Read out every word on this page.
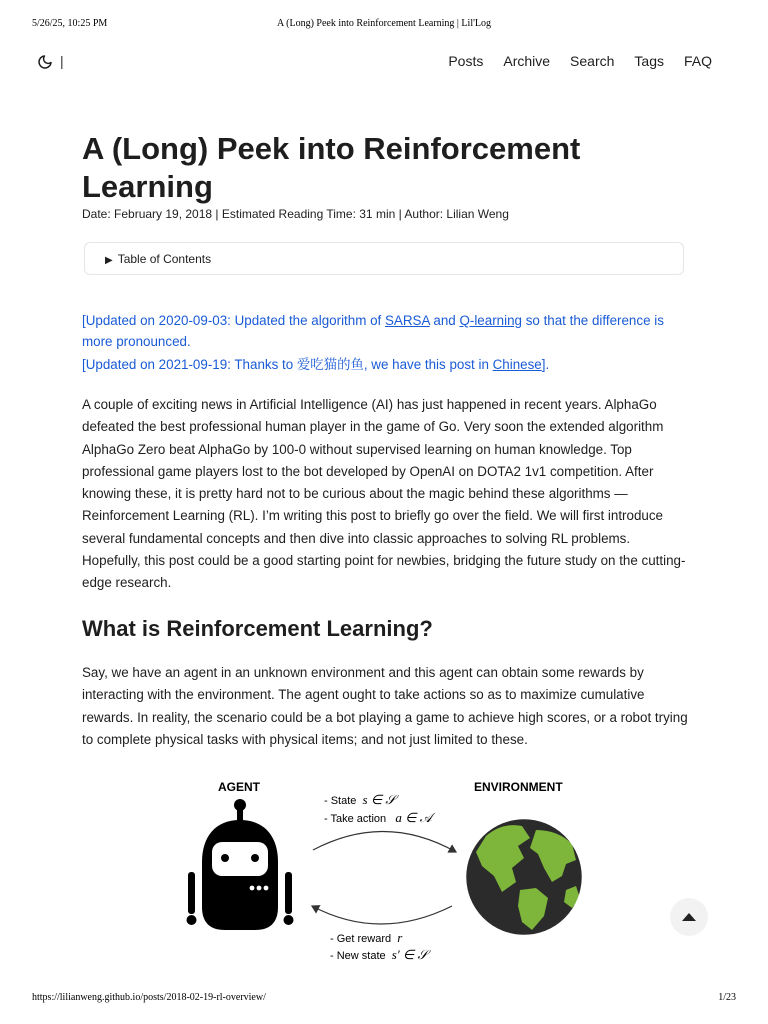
5/26/25, 10:25 PM	A (Long) Peek into Reinforcement Learning | Lil'Log
|	Posts Archive Search Tags FAQ
A (Long) Peek into Reinforcement Learning
Date: February 19, 2018 | Estimated Reading Time: 31 min | Author: Lilian Weng
▶ Table of Contents
[Updated on 2020-09-03: Updated the algorithm of SARSA and Q-learning so that the difference is more pronounced.
[Updated on 2021-09-19: Thanks to 爱吃猫的鱼, we have this post in Chinese].

A couple of exciting news in Artificial Intelligence (AI) has just happened in recent years. AlphaGo defeated the best professional human player in the game of Go. Very soon the extended algorithm AlphaGo Zero beat AlphaGo by 100-0 without supervised learning on human knowledge. Top professional game players lost to the bot developed by OpenAI on DOTA2 1v1 competition. After knowing these, it is pretty hard not to be curious about the magic behind these algorithms — Reinforcement Learning (RL). I’m writing this post to briefly go over the field. We will first introduce several fundamental concepts and then dive into classic approaches to solving RL problems. Hopefully, this post could be a good starting point for newbies, bridging the future study on the cutting-edge research.

What is Reinforcement Learning?

Say, we have an agent in an unknown environment and this agent can obtain some rewards by interacting with the environment. The agent ought to take actions so as to maximize cumulative rewards. In reality, the scenario could be a bot playing a game to achieve high scores, or a robot trying to complete physical tasks with physical items; and not just limited to these.

AGENT	ENVIRONMENT
- State s ∈ 𝒮
- Take action a ∈ 𝒜
- Get reward r
- New state s′ ∈ 𝒮
https://lilianweng.github.io/posts/2018-02-19-rl-overview/	1/23
